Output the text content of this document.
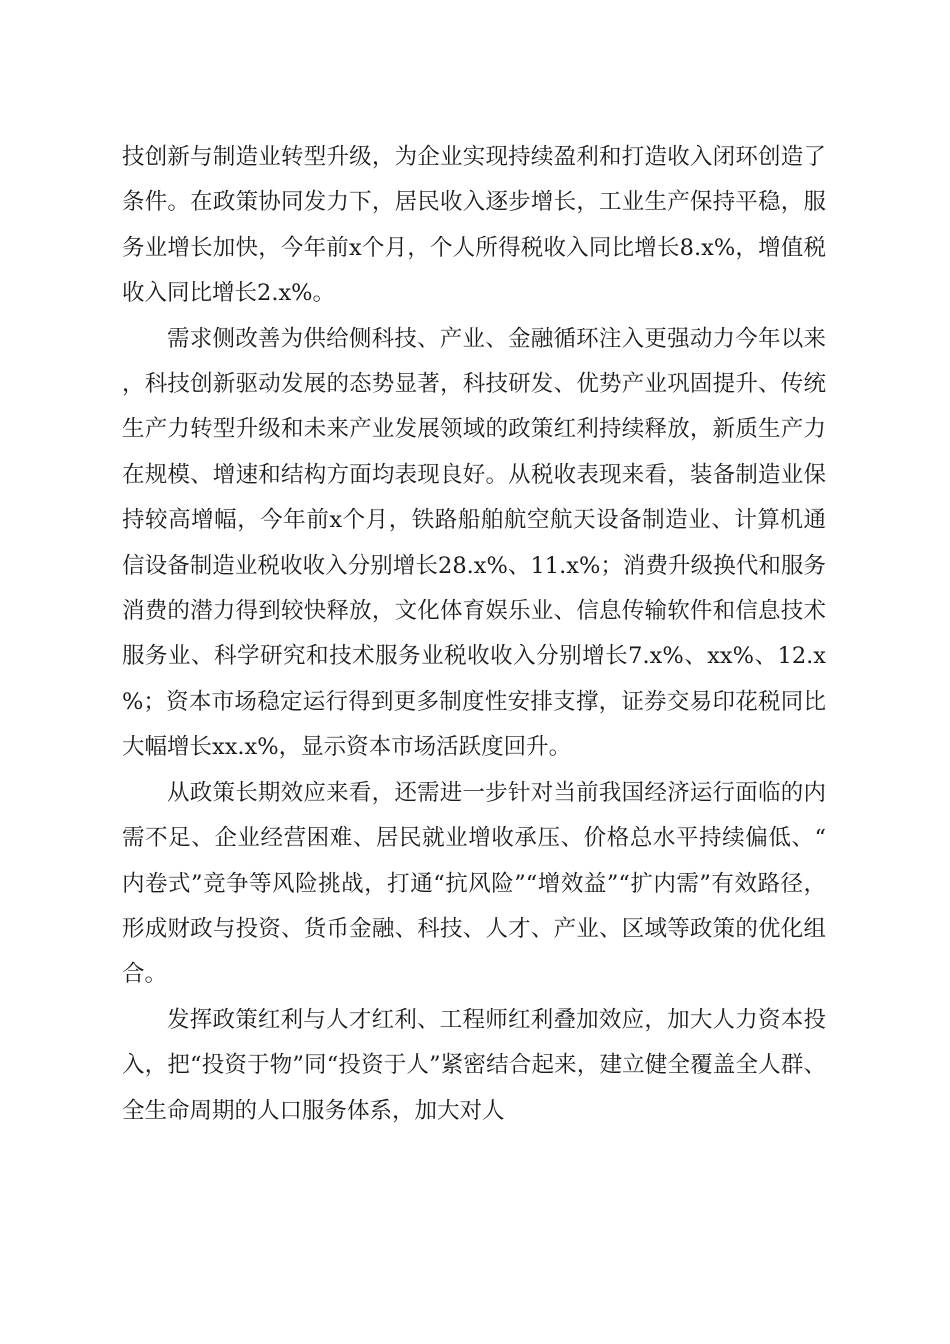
技创新与制造业转型升级，为企业实现持续盈利和打造收入闭环创造了条件。在政策协同发力下，居民收入逐步增长，工业生产保持平稳，服务业增长加快，今年前x个月，个人所得税收入同比增长8.x%，增值税收入同比增长2.x%。

需求侧改善为供给侧科技、产业、金融循环注入更强动力今年以来，科技创新驱动发展的态势显著，科技研发、优势产业巩固提升、传统生产力转型升级和未来产业发展领域的政策红利持续释放，新质生产力在规模、增速和结构方面均表现良好。从税收表现来看，装备制造业保持较高增幅，今年前x个月，铁路船舶航空航天设备制造业、计算机通信设备制造业税收收入分别增长28.x%、11.x%；消费升级换代和服务消费的潜力得到较快释放，文化体育娱乐业、信息传输软件和信息技术服务业、科学研究和技术服务业税收收入分别增长7.x%、xx%、12.x%；资本市场稳定运行得到更多制度性安排支撑，证券交易印花税同比大幅增长xx.x%，显示资本市场活跃度回升。

从政策长期效应来看，还需进一步针对当前我国经济运行面临的内需不足、企业经营困难、居民就业增收承压、价格总水平持续偏低、“内卷式”竞争等风险挑战，打通“抗风险”“增效益”“扩内需”有效路径，形成财政与投资、货币金融、科技、人才、产业、区域等政策的优化组合。

发挥政策红利与人才红利、工程师红利叠加效应，加大人力资本投入，把“投资于物”同“投资于人”紧密结合起来，建立健全覆盖全人群、全生命周期的人口服务体系，加大对人
